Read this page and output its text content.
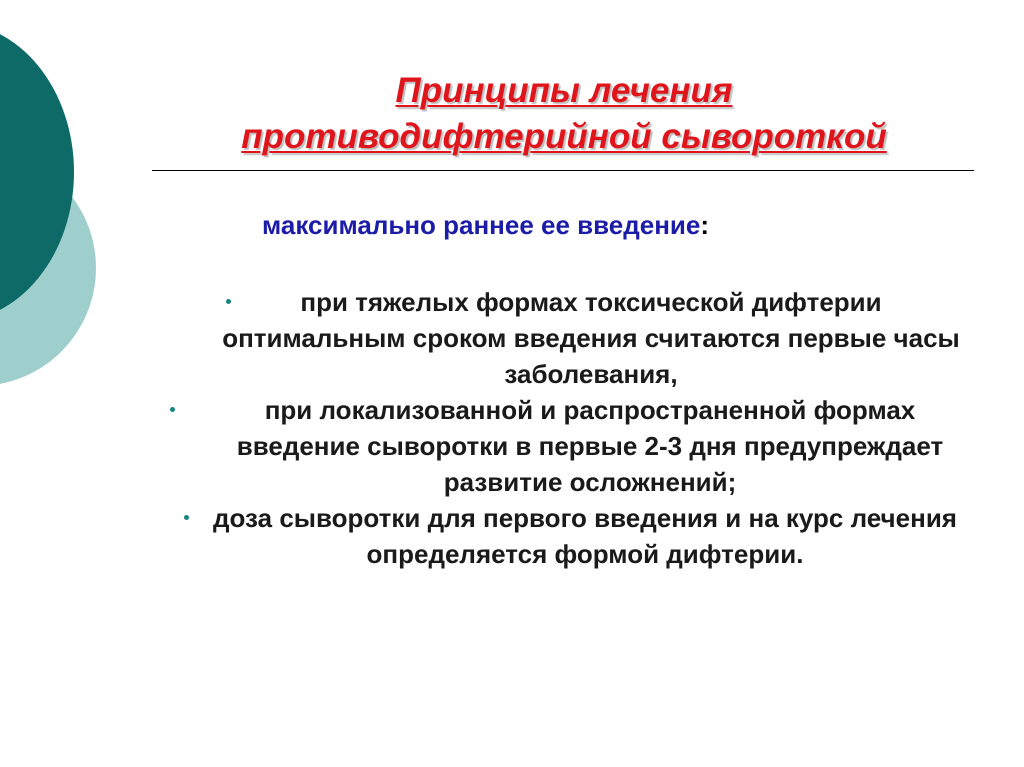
Принципы лечения
противодифтерийной сывороткой
максимально раннее ее введение:
при тяжелых формах токсической дифтерии оптимальным сроком введения считаются первые часы заболевания,
при локализованной и распространенной формах введение сыворотки в первые 2-3 дня предупреждает развитие осложнений;
доза сыворотки для первого введения и на курс лечения определяется формой дифтерии.
